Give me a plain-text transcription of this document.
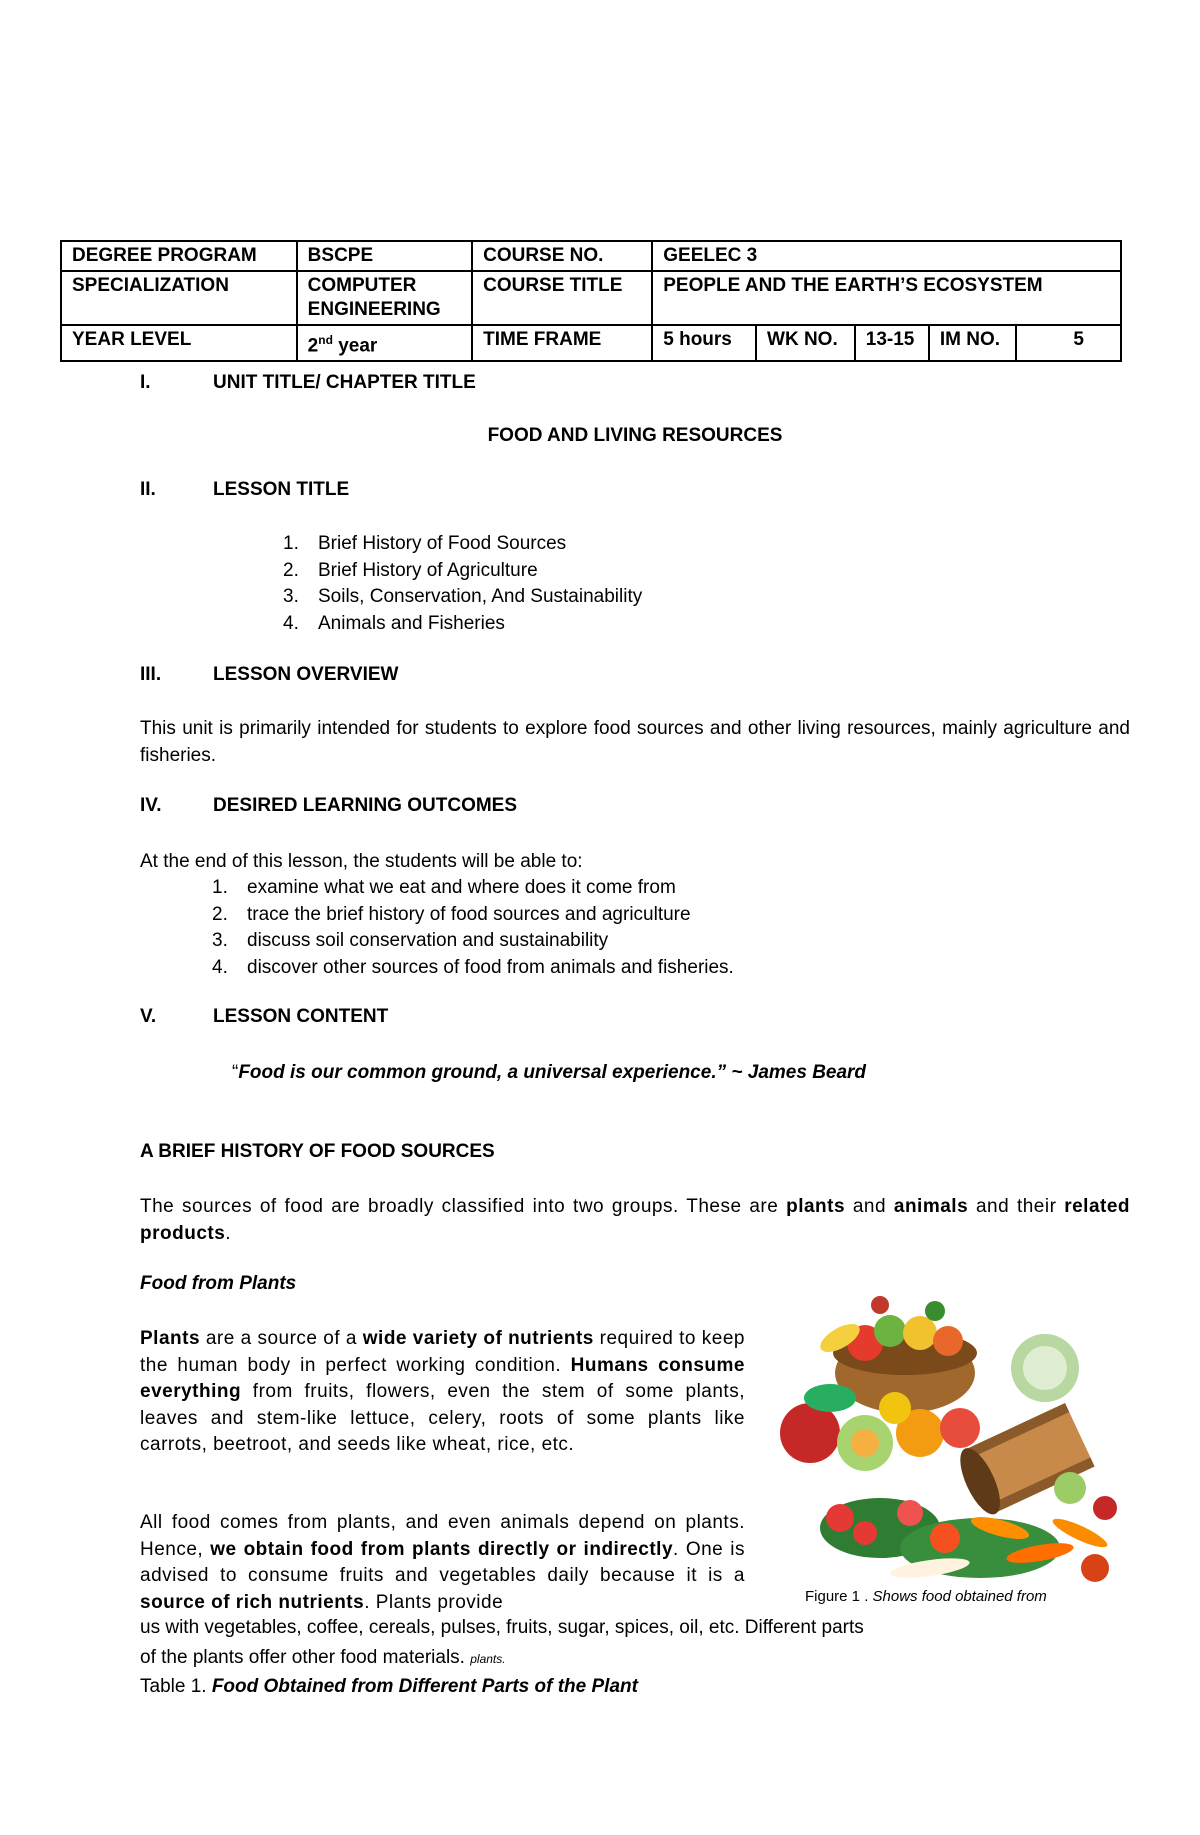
DEGREE PROGRAM	BSCPE	COURSE NO.	GEELEC 3				
SPECIALIZATION	COMPUTER ENGINEERING	COURSE TITLE	PEOPLE AND THE EARTH’S ECOSYSTEM				
YEAR LEVEL	2nd year	TIME FRAME	5 hours	WK NO.	13-15	IM NO.	5
I.	UNIT TITLE/ CHAPTER TITLE
FOOD AND LIVING RESOURCES
II.	LESSON TITLE
1. Brief History of Food Sources
2. Brief History of Agriculture
3. Soils, Conservation, And Sustainability
4. Animals and Fisheries
III.	LESSON OVERVIEW
This unit is primarily intended for students to explore food sources and other living resources, mainly agriculture and fisheries.
IV.	DESIRED LEARNING OUTCOMES
At the end of this lesson, the students will be able to:
1. examine what we eat and where does it come from
2. trace the brief history of food sources and agriculture
3. discuss soil conservation and sustainability
4. discover other sources of food from animals and fisheries.
V.	LESSON CONTENT
“Food is our common ground, a universal experience.” ~ James Beard
A BRIEF HISTORY OF FOOD SOURCES
The sources of food are broadly classified into two groups. These are plants and animals and their related products.
Food from Plants
Plants are a source of a wide variety of nutrients required to keep the human body in perfect working condition. Humans consume everything from fruits, flowers, even the stem of some plants, leaves and stem-like lettuce, celery, roots of some plants like carrots, beetroot, and seeds like wheat, rice, etc.
All food comes from plants, and even animals depend on plants. Hence, we obtain food from plants directly or indirectly. One is advised to consume fruits and vegetables daily because it is a source of rich nutrients. Plants provide
us with vegetables, coffee, cereals, pulses, fruits, sugar, spices, oil, etc. Different parts
of the plants offer other food materials. plants.
Table 1. Food Obtained from Different Parts of the Plant
Figure 1 . Shows food obtained from
